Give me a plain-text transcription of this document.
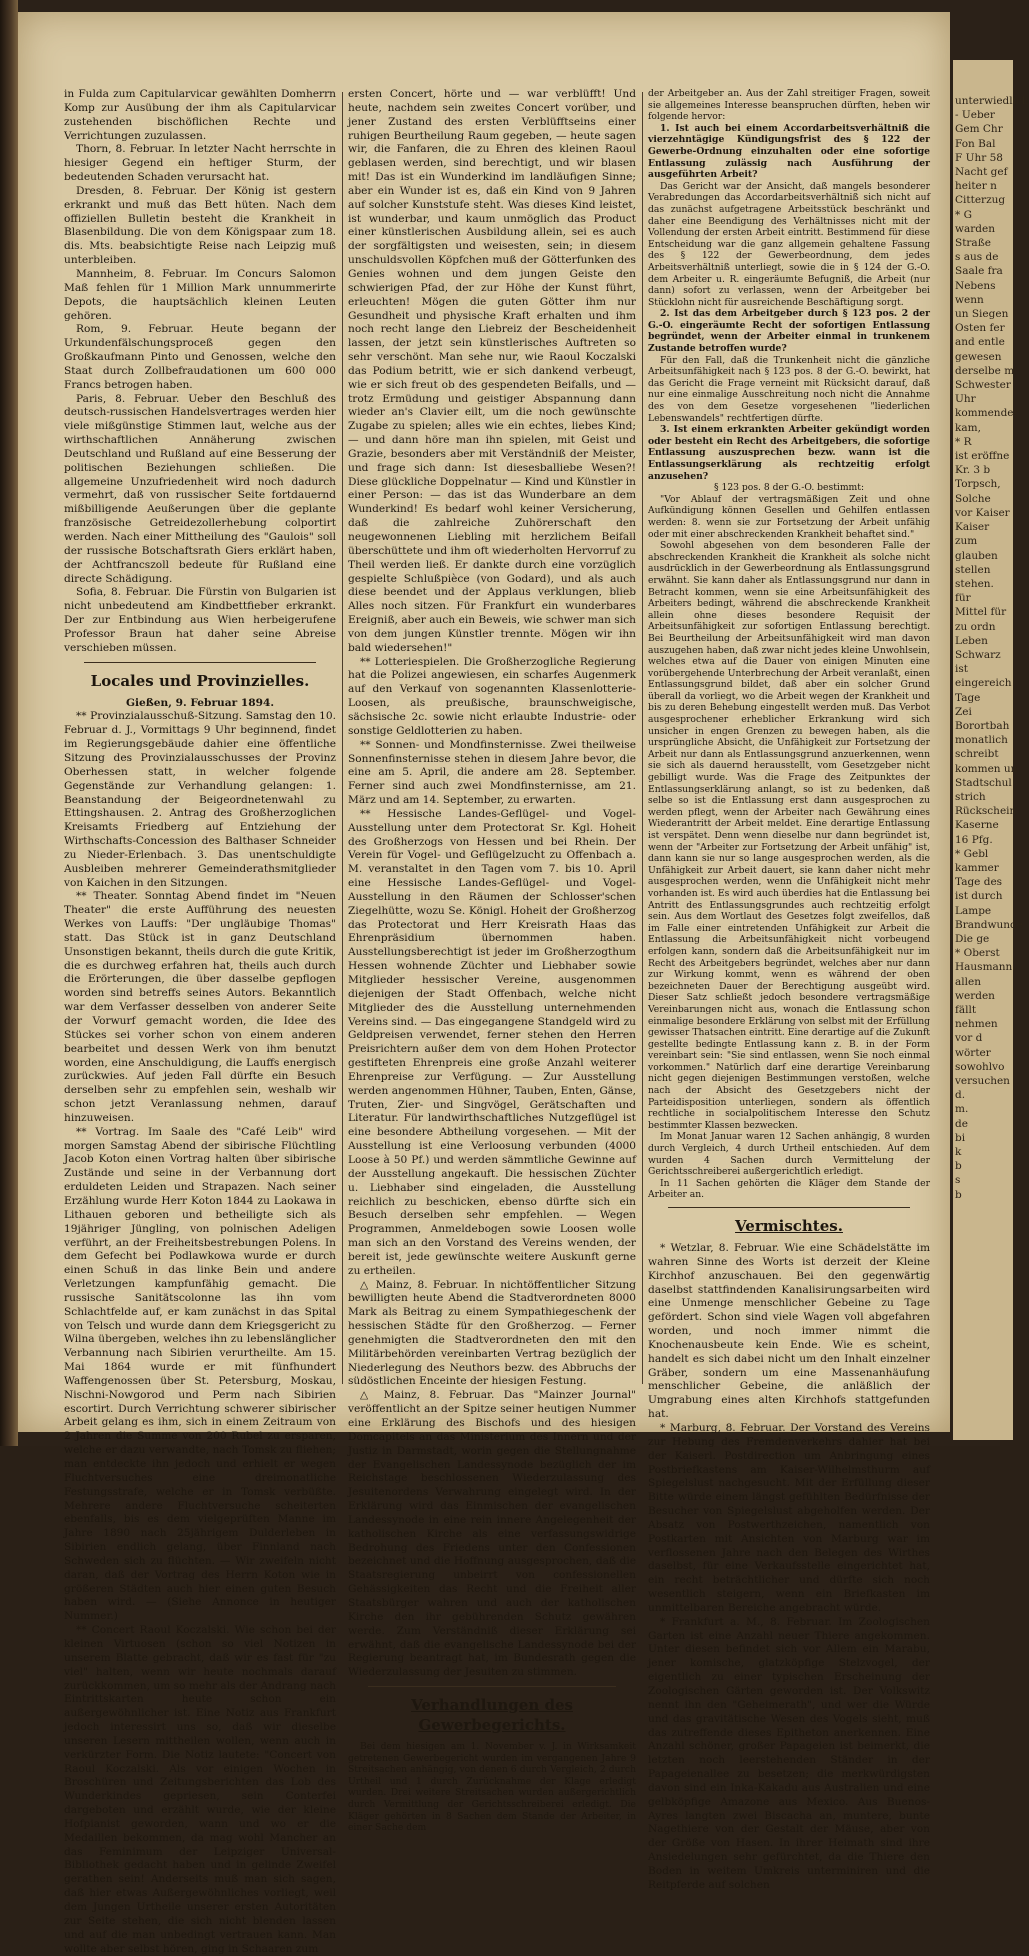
unterwiedlich
- Ueber
Gem Chr
Fon Bal
F Uhr 58
Nacht gef
heiter n
Citterzug
* G
warden
Straße
s aus de
Saale fra
Nebens
wenn
un Siegen
Osten fer
and entle
gewesen
derselbe m
Schwester
Uhr
kommender
kam,
* R
ist eröffne
Kr. 3 b
Torpsch,
Solche
vor Kaiser
Kaiser
zum
glauben
stellen
stehen.
für
Mittel für
zu ordn
Leben
Schwarz
ist
eingereich
Tage
Zei
Borortbah
monatlich
schreibt
kommen un
Stadtschul
strich
Rückschein
Kaserne
16 Pfg.
* Gebl
kammer
Tage des
ist durch
Lampe
Brandwunde
Die ge
* Oberst
Hausmann
allen
werden
fällt
nehmen
vor d
wörter
sowohlvo
versuchen
d.
m.
de
bi
k
b
s
b

in Fulda zum Capitularvicar gewählten Domherrn Komp zur Ausübung der ihm als Capitularvicar zustehenden bischöflichen Rechte und Verrichtungen zuzulassen.

Thorn, 8. Februar. In letzter Nacht herrschte in hiesiger Gegend ein heftiger Sturm, der bedeutenden Schaden verursacht hat.

Dresden, 8. Februar. Der König ist gestern erkrankt und muß das Bett hüten. Nach dem offiziellen Bulletin besteht die Krankheit in Blasenbildung. Die von dem Königspaar zum 18. dis. Mts. beabsichtigte Reise nach Leipzig muß unterbleiben.

Mannheim, 8. Februar. Im Concurs Salomon Maß fehlen für 1 Million Mark unnummerirte Depots, die hauptsächlich kleinen Leuten gehören.

Rom, 9. Februar. Heute begann der Urkundenfälschungsproceß gegen den Großkaufmann Pinto und Genossen, welche den Staat durch Zollbefraudationen um 600 000 Francs betrogen haben.

Paris, 8. Februar. Ueber den Beschluß des deutsch-russischen Handelsvertrages werden hier viele mißgünstige Stimmen laut, welche aus der wirthschaftlichen Annäherung zwischen Deutschland und Rußland auf eine Besserung der politischen Beziehungen schließen. Die allgemeine Unzufriedenheit wird noch dadurch vermehrt, daß von russischer Seite fortdauernd mißbilligende Aeußerungen über die geplante französische Getreidezollerhebung colportirt werden. Nach einer Mittheilung des "Gaulois" soll der russische Botschaftsrath Giers erklärt haben, der Achtfrancszoll bedeute für Rußland eine directe Schädigung.

Sofia, 8. Februar. Die Fürstin von Bulgarien ist nicht unbedeutend am Kindbettfieber erkrankt. Der zur Entbindung aus Wien herbeigerufene Professor Braun hat daher seine Abreise verschieben müssen.

Locales und Provinzielles.

Gießen, 9. Februar 1894.

** Provinzialausschuß-Sitzung. Samstag den 10. Februar d. J., Vormittags 9 Uhr beginnend, findet im Regierungsgebäude dahier eine öffentliche Sitzung des Provinzialausschusses der Provinz Oberhessen statt, in welcher folgende Gegenstände zur Verhandlung gelangen: 1. Beanstandung der Beigeordnetenwahl zu Ettingshausen. 2. Antrag des Großherzoglichen Kreisamts Friedberg auf Entziehung der Wirthschafts-Concession des Balthaser Schneider zu Nieder-Erlenbach. 3. Das unentschuldigte Ausbleiben mehrerer Gemeinderathsmitglieder von Kaichen in den Sitzungen.

** Theater. Sonntag Abend findet im "Neuen Theater" die erste Aufführung des neuesten Werkes von Lauffs: "Der ungläubige Thomas" statt. Das Stück ist in ganz Deutschland Unsonstigen bekannt, theils durch die gute Kritik, die es durchweg erfahren hat, theils auch durch die Erörterungen, die über dasselbe gepflogen worden sind betreffs seines Autors. Bekanntlich war dem Verfasser desselben von anderer Seite der Vorwurf gemacht worden, die Idee des Stückes sei vorher schon von einem anderen bearbeitet und dessen Werk von ihm benutzt worden, eine Anschuldigung, die Lauffs energisch zurückwies. Auf jeden Fall dürfte ein Besuch derselben sehr zu empfehlen sein, weshalb wir schon jetzt Veranlassung nehmen, darauf hinzuweisen.

** Vortrag. Im Saale des "Café Leib" wird morgen Samstag Abend der sibirische Flüchtling Jacob Koton einen Vortrag halten über sibirische Zustände und seine in der Verbannung dort erduldeten Leiden und Strapazen. Nach seiner Erzählung wurde Herr Koton 1844 zu Laokawa in Lithauen geboren und betheiligte sich als 19jähriger Jüngling, von polnischen Adeligen verführt, an der Freiheitsbestrebungen Polens. In dem Gefecht bei Podlawkowa wurde er durch einen Schuß in das linke Bein und andere Verletzungen kampfunfähig gemacht. Die russische Sanitätscolonne las ihn vom Schlachtfelde auf, er kam zunächst in das Spital von Telsch und wurde dann dem Kriegsgericht zu Wilna übergeben, welches ihn zu lebenslänglicher Verbannung nach Sibirien verurtheilte. Am 15. Mai 1864 wurde er mit fünfhundert Waffengenossen über St. Petersburg, Moskau, Nischni-Nowgorod und Perm nach Sibirien escortirt. Durch Verrichtung schwerer sibirischer Arbeit gelang es ihm, sich in einem Zeitraum von 2 Jahren die Summe von 200 Rubel zu ersparen, welche er dazu verwandte, nach Tomsk zu fliehen; man entdeckte ihn jedoch und erhielt er wegen Fluchtversuches eine dreimonatliche Festungsstrafe, welche er in Tomsk verbüßte. Mehrere andere Fluchtversuche scheiterten ebenfalls, bis es dem vielgeprüften Manne im Jahre 1890 nach 25jährigem Dulderleben in Sibirien endlich gelang, über Finnland nach Schweden sich zu flüchten. — Wir zweifeln nicht daran, daß der Vortrag des Herrn Koton wie in größeren Städten auch hier einen guten Besuch haben wird. — (Siehe Annonce in heutiger Nummer.)

** Concert Raoul Koczalski. Wie schon bei der kleinen Virtuosen (schon so viel Notizen in unserem Blatte gebracht, daß wir es fast für "zu viel" halten, wenn wir heute nochmals darauf zurückkommen, um so mehr als der Andrang nach Eintrittskarten heute schon ein außergewöhnlicher ist. Eine Notiz aus Frankfurt jedoch interessirt uns so, daß wir dieselbe unseren Lesern mittheilen wollen, wenn auch in verkürzter Form. Die Notiz lautete: "Concert von Raoul Koczalski. Als vor einigen Wochen in Broschüren und Zeitungsberichten das Lob des Wunderkindes gepriesen, sein Conterfei dargeboten und erzählt wurde, wie der kleine Hofpianist geworden, wann und wo er die Medaillen bekommen, da mag wohl Mancher an das Feminimum der Leipziger Universal-Bibliothek gedacht haben und in gelinde Zweifel gerathen sein! Anderseits muß man sich sagen, daß hier etwas Außergewöhnliches vorliegt, weil dem Jungen Urtheile unserer ersten Autoritäten zur Seite stehen, die sich nicht blenden lassen und auf die man unbedingt vertrauen kann. Man wollte aber selbst hören, ging in Schaaren zum

ersten Concert, hörte und — war verblüfft! Und heute, nachdem sein zweites Concert vorüber, und jener Zustand des ersten Verblüfftseins einer ruhigen Beurtheilung Raum gegeben, — heute sagen wir, die Fanfaren, die zu Ehren des kleinen Raoul geblasen werden, sind berechtigt, und wir blasen mit! Das ist ein Wunderkind im landläufigen Sinne; aber ein Wunder ist es, daß ein Kind von 9 Jahren auf solcher Kunststufe steht. Was dieses Kind leistet, ist wunderbar, und kaum unmöglich das Product einer künstlerischen Ausbildung allein, sei es auch der sorgfältigsten und weisesten, sein; in diesem unschuldsvollen Köpfchen muß der Götterfunken des Genies wohnen und dem jungen Geiste den schwierigen Pfad, der zur Höhe der Kunst führt, erleuchten! Mögen die guten Götter ihm nur Gesundheit und physische Kraft erhalten und ihm noch recht lange den Liebreiz der Bescheidenheit lassen, der jetzt sein künstlerisches Auftreten so sehr verschönt. Man sehe nur, wie Raoul Koczalski das Podium betritt, wie er sich dankend verbeugt, wie er sich freut ob des gespendeten Beifalls, und — trotz Ermüdung und geistiger Abspannung dann wieder an's Clavier eilt, um die noch gewünschte Zugabe zu spielen; alles wie ein echtes, liebes Kind; — und dann höre man ihn spielen, mit Geist und Grazie, besonders aber mit Verständniß der Meister, und frage sich dann: Ist diesesballiebe Wesen?! Diese glückliche Doppelnatur — Kind und Künstler in einer Person: — das ist das Wunderbare an dem Wunderkind! Es bedarf wohl keiner Versicherung, daß die zahlreiche Zuhörerschaft den neugewonnenen Liebling mit herzlichem Beifall überschüttete und ihm oft wiederholten Hervorruf zu Theil werden ließ. Er dankte durch eine vorzüglich gespielte Schlußpièce (von Godard), und als auch diese beendet und der Applaus verklungen, blieb Alles noch sitzen. Für Frankfurt ein wunderbares Ereigniß, aber auch ein Beweis, wie schwer man sich von dem jungen Künstler trennte. Mögen wir ihn bald wiedersehen!"

** Lotteriespielen. Die Großherzogliche Regierung hat die Polizei angewiesen, ein scharfes Augenmerk auf den Verkauf von sogenannten Klassenlotterie-Loosen, als preußische, braunschweigische, sächsische 2c. sowie nicht erlaubte Industrie- oder sonstige Geldlotterien zu haben.

** Sonnen- und Mondfinsternisse. Zwei theilweise Sonnenfinsternisse stehen in diesem Jahre bevor, die eine am 5. April, die andere am 28. September. Ferner sind auch zwei Mondfinsternisse, am 21. März und am 14. September, zu erwarten.

** Hessische Landes-Geflügel- und Vogel-Ausstellung unter dem Protectorat Sr. Kgl. Hoheit des Großherzogs von Hessen und bei Rhein. Der Verein für Vogel- und Geflügelzucht zu Offenbach a. M. veranstaltet in den Tagen vom 7. bis 10. April eine Hessische Landes-Geflügel- und Vogel-Ausstellung in den Räumen der Schlosser'schen Ziegelhütte, wozu Se. Königl. Hoheit der Großherzog das Protectorat und Herr Kreisrath Haas das Ehrenpräsidium übernommen haben. Ausstellungsberechtigt ist jeder im Großherzogthum Hessen wohnende Züchter und Liebhaber sowie Mitglieder hessischer Vereine, ausgenommen diejenigen der Stadt Offenbach, welche nicht Mitglieder des die Ausstellung unternehmenden Vereins sind. — Das eingegangene Standgeld wird zu Geldpreisen verwendet, ferner stehen den Herren Preisrichtern außer dem von dem Hohen Protector gestifteten Ehrenpreis eine große Anzahl weiterer Ehrenpreise zur Verfügung. — Zur Ausstellung werden angenommen Hühner, Tauben, Enten, Gänse, Truten, Zier- und Singvögel, Gerätschaften und Literatur. Für landwirthschaftliches Nutzgeflügel ist eine besondere Abtheilung vorgesehen. — Mit der Ausstellung ist eine Verloosung verbunden (4000 Loose à 50 Pf.) und werden sämmtliche Gewinne auf der Ausstellung angekauft. Die hessischen Züchter u. Liebhaber sind eingeladen, die Ausstellung reichlich zu beschicken, ebenso dürfte sich ein Besuch derselben sehr empfehlen. — Wegen Programmen, Anmeldebogen sowie Loosen wolle man sich an den Vorstand des Vereins wenden, der bereit ist, jede gewünschte weitere Auskunft gerne zu ertheilen.

△ Mainz, 8. Februar. In nichtöffentlicher Sitzung bewilligten heute Abend die Stadtverordneten 8000 Mark als Beitrag zu einem Sympathiegeschenk der hessischen Städte für den Großherzog. — Ferner genehmigten die Stadtverordneten den mit den Militärbehörden vereinbarten Vertrag bezüglich der Niederlegung des Neuthors bezw. des Abbruchs der südöstlichen Enceinte der hiesigen Festung.

△ Mainz, 8. Februar. Das "Mainzer Journal" veröffentlicht an der Spitze seiner heutigen Nummer eine Erklärung des Bischofs und des hiesigen Domcapitels an das Ministerium des Innern und der Justiz in Darmstadt, worin gegen die Stellungnahme der Evangelischen Landessynode bezüglich der im Reichstage beschlossenen Wiederzulassung des Jesuitenordens Verwahrung eingelegt wird. In der Erklärung wird das Einmischen der evangelischen Landessynode in eine rein innere Angelegenheit der katholischen Kirche als eine verfassungswidrige Bedrohung des Friedens unter den Confessionen bezeichnet und die Hoffnung ausgesprochen, daß die Staatsregierung unbeirrt von confessionellen Gehässigkeiten das Recht und die Freiheit aller Staatsbürger wahren und auch der katholischen Kirche den ihr gebührenden Schutz gewähren werde. Zum Verständniß dieser Erklärung sei erwähnt, daß die evangelische Landessynode bei der Regierung beantragt hat, im Bundesrath gegen die Wiederzulassung der Jesuiten zu stimmen.

Verhandlungen des Gewerbegerichts.

Bei dem hiesigen am 1. November v. J. in Wirksamkeit getretenen Gewerbegericht wurden im vergangenen Jahre 9 Streitsachen anhängig, von denen 6 durch Vergleich, 2 durch Urtheil und 1 durch Zurücknahme der Klage erledigt wurden. Drei weitere Streitsachen wurden außergerichtlich durch Vermittlung der Gerichtsschreiberei erledigt. Die Kläger gehörten in 8 Sachen dem Stande der Arbeiter, in einer Sache dem

der Arbeitgeber an. Aus der Zahl streitiger Fragen, soweit sie allgemeines Interesse beanspruchen dürften, heben wir folgende hervor:

1. Ist auch bei einem Accordarbeitsverhältniß die vierzehntägige Kündigungsfrist des § 122 der Gewerbe-Ordnung einzuhalten oder eine sofortige Entlassung zulässig nach Ausführung der ausgeführten Arbeit?

Das Gericht war der Ansicht, daß mangels besonderer Verabredungen das Accordarbeitsverhältniß sich nicht auf das zunächst aufgetragene Arbeitsstück beschränkt und daher eine Beendigung des Verhältnisses nicht mit der Vollendung der ersten Arbeit eintritt. Bestimmend für diese Entscheidung war die ganz allgemein gehaltene Fassung des § 122 der Gewerbeordnung, dem jedes Arbeitsverhältniß unterliegt, sowie die in § 124 der G.-O. dem Arbeiter u. R. eingeräumte Befugniß, die Arbeit (nur dann) sofort zu verlassen, wenn der Arbeitgeber bei Stücklohn nicht für ausreichende Beschäftigung sorgt.

2. Ist das dem Arbeitgeber durch § 123 pos. 2 der G.-O. eingeräumte Recht der sofortigen Entlassung begründet, wenn der Arbeiter einmal in trunkenem Zustande betroffen wurde?

Für den Fall, daß die Trunkenheit nicht die gänzliche Arbeitsunfähigkeit nach § 123 pos. 8 der G.-O. bewirkt, hat das Gericht die Frage verneint mit Rücksicht darauf, daß nur eine einmalige Ausschreitung noch nicht die Annahme des von dem Gesetze vorgesehenen "liederlichen Lebenswandels" rechtfertigen dürfte.

3. Ist einem erkrankten Arbeiter gekündigt worden oder besteht ein Recht des Arbeitgebers, die sofortige Entlassung auszusprechen bezw. wann ist die Entlassungserklärung als rechtzeitig erfolgt anzusehen?

§ 123 pos. 8 der G.-O. bestimmt:

"Vor Ablauf der vertragsmäßigen Zeit und ohne Aufkündigung können Gesellen und Gehilfen entlassen werden: 8. wenn sie zur Fortsetzung der Arbeit unfähig oder mit einer abschreckenden Krankheit behaftet sind."

Sowohl abgesehen von dem besonderen Falle der abschreckenden Krankheit die Krankheit als solche nicht ausdrücklich in der Gewerbeordnung als Entlassungsgrund erwähnt. Sie kann daher als Entlassungsgrund nur dann in Betracht kommen, wenn sie eine Arbeitsunfähigkeit des Arbeiters bedingt, während die abschreckende Krankheit allein ohne dieses besondere Requisit der Arbeitsunfähigkeit zur sofortigen Entlassung berechtigt. Bei Beurtheilung der Arbeitsunfähigkeit wird man davon auszugehen haben, daß zwar nicht jedes kleine Unwohlsein, welches etwa auf die Dauer von einigen Minuten eine vorübergehende Unterbrechung der Arbeit veranlaßt, einen Entlassungsgrund bildet, daß aber ein solcher Grund überall da vorliegt, wo die Arbeit wegen der Krankheit und bis zu deren Behebung eingestellt werden muß. Das Verbot ausgesprochener erheblicher Erkrankung wird sich unsicher in engen Grenzen zu bewegen haben, als die ursprüngliche Absicht, die Unfähigkeit zur Fortsetzung der Arbeit nur dann als Entlassungsgrund anzuerkennen, wenn sie sich als dauernd herausstellt, vom Gesetzgeber nicht gebilligt wurde. Was die Frage des Zeitpunktes der Entlassungserklärung anlangt, so ist zu bedenken, daß selbe so ist die Entlassung erst dann ausgesprochen zu werden pflegt, wenn der Arbeiter nach Gewährung eines Wiederantritt der Arbeit meldet. Eine derartige Entlassung ist verspätet. Denn wenn dieselbe nur dann begründet ist, wenn der "Arbeiter zur Fortsetzung der Arbeit unfähig" ist, dann kann sie nur so lange ausgesprochen werden, als die Unfähigkeit zur Arbeit dauert, sie kann daher nicht mehr ausgesprochen werden, wenn die Unfähigkeit nicht mehr vorhanden ist. Es wird auch überdies hat die Entlassung bei Antritt des Entlassungsgrundes auch rechtzeitig erfolgt sein. Aus dem Wortlaut des Gesetzes folgt zweifellos, daß im Falle einer eintretenden Unfähigkeit zur Arbeit die Entlassung die Arbeitsunfähigkeit nicht vorbeugend erfolgen kann, sondern daß die Arbeitsunfähigkeit nur im Recht des Arbeitgebers begründet, welches aber nur dann zur Wirkung kommt, wenn es während der oben bezeichneten Dauer der Berechtigung ausgeübt wird. Dieser Satz schließt jedoch besondere vertragsmäßige Vereinbarungen nicht aus, wonach die Entlassung schon einmalige besondere Erklärung von selbst mit der Erfüllung gewisser Thatsachen eintritt. Eine derartige auf die Zukunft gestellte bedingte Entlassung kann z. B. in der Form vereinbart sein: "Sie sind entlassen, wenn Sie noch einmal vorkommen." Natürlich darf eine derartige Vereinbarung nicht gegen diejenigen Bestimmungen verstoßen, welche nach der Absicht des Gesetzgebers nicht der Parteidisposition unterliegen, sondern als öffentlich rechtliche in socialpolitischem Interesse den Schutz bestimmter Klassen bezwecken.

Im Monat Januar waren 12 Sachen anhängig, 8 wurden durch Vergleich, 4 durch Urtheil entschieden. Auf dem wurden 4 Sachen durch Vermittelung der Gerichtsschreiberei außergerichtlich erledigt.

In 11 Sachen gehörten die Kläger dem Stande der Arbeiter an.

Vermischtes.

* Wetzlar, 8. Februar. Wie eine Schädelstätte im wahren Sinne des Worts ist derzeit der Kleine Kirchhof anzuschauen. Bei den gegenwärtig daselbst stattfindenden Kanalisirungsarbeiten wird eine Unmenge menschlicher Gebeine zu Tage gefördert. Schon sind viele Wagen voll abgefahren worden, und noch immer nimmt die Knochenausbeute kein Ende. Wie es scheint, handelt es sich dabei nicht um den Inhalt einzelner Gräber, sondern um eine Massenanhäufung menschlicher Gebeine, die anläßlich der Umgrabung eines alten Kirchhofs stattgefunden hat.

* Marburg, 8. Februar. Der Vorstand des Vereins zur Hebung des Fremdenverkehrs dahier hat bei der Kaiserl. Postdirection um Anbringung eines Postbriefkastens am Kaiser-Wilhelmsthurm auf Spiegelslust nachgesucht. Mit der Erfüllung dieser Bitte würde einem längst gefühlten Bedürfnisse der Besucher von Spiegelslust abgeholfen werden. Der Absatz von Postwerthzeichen, namentlich von Postkarten mit Ansichten von Marburg war im verflossenen Jahre nach den Belegen des Wirthes daselbst, für eine Verkaufsstelle eingerichtet hat, ein recht beträchtlicher und dürfte sich noch wesentlich steigern, wenn ein Briefkasten im unmittelbaren Bereiche angebracht würde.

* Frankfurt a. M., 8. Februar. Im Zoologischen Garten ist eine Anzahl neuer Thiere angekommen. Unter diesen befindet sich vor Allem ein Marabu, jener komische, glatzköpfige Stelzvogel, der eigentlich zu einer typischen Erscheinung der Zoologischen Gärten geworden ist. Der Volkswitz nennt ihn den "Geheimerath", und wer die Würde und das gravitätische Wesen des Vogels sieht, muß das zutreffende dieses Epitheton anerkennen. Eine Anzahl schöner, großer Papageien ist beimerkt, die letzten noch leerstehenden Ständer in der Papageienallee zu besetzen; die merkwürdigsten davon sind ein Inka-Kakadu aus Australien und eine gelbköpfige Amazone aus Mexico. Aus Buenos-Ayres langten zwei Biscacha an, muntere, bunte Nagethiere von der Gestalt der Mäuse, aber von der Größe von Hasen. In ihrer Heimath sind ihre Ansiedelungen sehr gefürchtet, da die Thiere den Boden in weitem Umkreis unterminiren und die Reitpferde auf solchen
